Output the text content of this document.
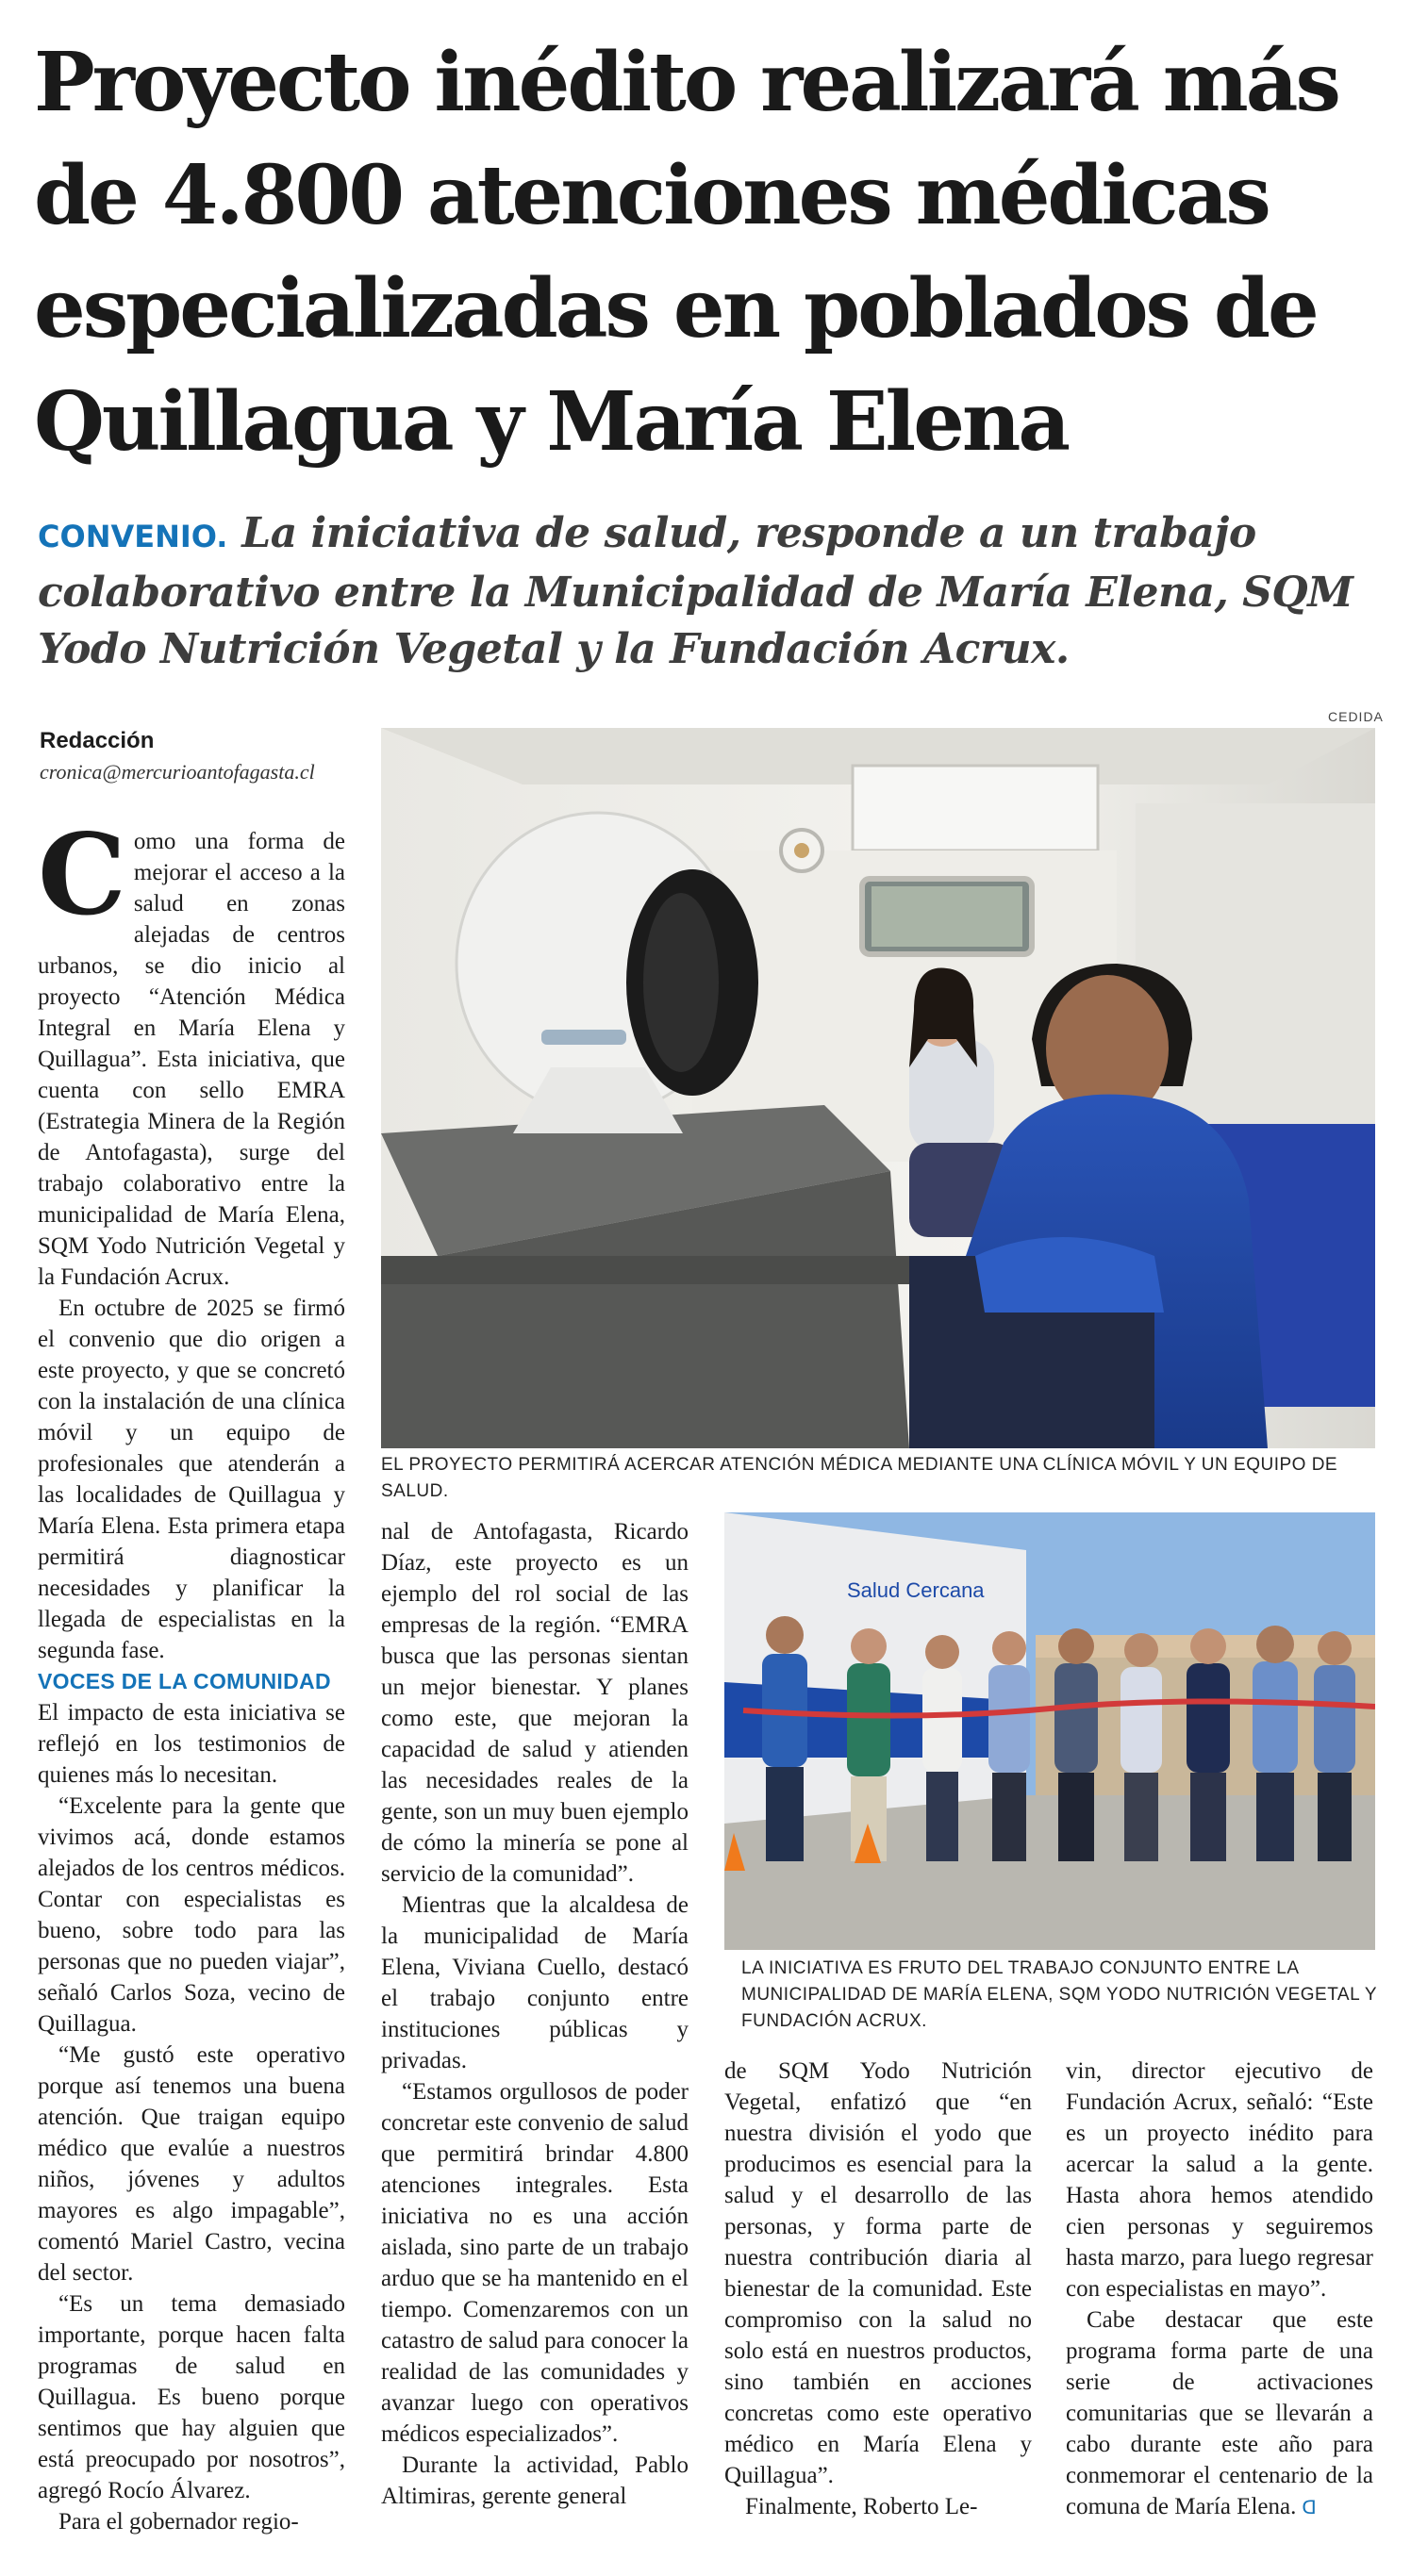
Proyecto inédito realizará más de 4.800 atenciones médicas especializadas en poblados de Quillagua y María Elena
CONVENIO. La iniciativa de salud, responde a un trabajo colaborativo entre la Municipalidad de María Elena, SQM Yodo Nutrición Vegetal y la Fundación Acrux.
Redacción
cronica@mercurioantofagasta.cl
CEDIDA
EL PROYECTO PERMITIRÁ ACERCAR ATENCIÓN MÉDICA MEDIANTE UNA CLÍNICA MÓVIL Y UN EQUIPO DE SALUD.
Salud Cercana
LA INICIATIVA ES FRUTO DEL TRABAJO CONJUNTO ENTRE LA MUNICIPALIDAD DE MARÍA ELENA, SQM YODO NUTRICIÓN VEGETAL Y FUNDACIÓN ACRUX.

Como una forma de mejorar el acceso a la salud en zonas alejadas de centros urbanos, se dio inicio al proyecto “Atención Médica Integral en María Elena y Quillagua”. Esta iniciativa, que cuenta con sello EMRA (Estrategia Minera de la Región de Antofagasta), surge del trabajo colaborativo entre la municipalidad de María Elena, SQM Yodo Nutrición Vegetal y la Fundación Acrux.

En octubre de 2025 se firmó el convenio que dio origen a este proyecto, y que se concretó con la instalación de una clínica móvil y un equipo de profesionales que atenderán a las localidades de Quillagua y María Elena. Esta primera etapa permitirá diagnosticar necesidades y planificar la llegada de especialistas en la segunda fase.

VOCES DE LA COMUNIDAD

El impacto de esta iniciativa se reflejó en los testimonios de quienes más lo necesitan.

“Excelente para la gente que vivimos acá, donde estamos alejados de los centros médicos. Contar con especialistas es bueno, sobre todo para las personas que no pueden viajar”, señaló Carlos Soza, vecino de Quillagua.

“Me gustó este operativo porque así tenemos una buena atención. Que traigan equipo médico que evalúe a nuestros niños, jóvenes y adultos mayores es algo impagable”, comentó Mariel Castro, vecina del sector.

“Es un tema demasiado importante, porque hacen falta programas de salud en Quillagua. Es bueno porque sentimos que hay alguien que está preocupado por nosotros”, agregó Rocío Álvarez.

Para el gobernador regio-

nal de Antofagasta, Ricardo Díaz, este proyecto es un ejemplo del rol social de las empresas de la región. “EMRA busca que las personas sientan un mejor bienestar. Y planes como este, que mejoran la capacidad de salud y atienden las necesidades reales de la gente, son un muy buen ejemplo de cómo la minería se pone al servicio de la comunidad”.

Mientras que la alcaldesa de la municipalidad de María Elena, Viviana Cuello, destacó el trabajo conjunto entre instituciones públicas y privadas.

“Estamos orgullosos de poder concretar este convenio de salud que permitirá brindar 4.800 atenciones integrales. Esta iniciativa no es una acción aislada, sino parte de un trabajo arduo que se ha mantenido en el tiempo. Comenzaremos con un catastro de salud para conocer la realidad de las comunidades y avanzar luego con operativos médicos especializados”.

Durante la actividad, Pablo Altimiras, gerente general

de SQM Yodo Nutrición Vegetal, enfatizó que “en nuestra división el yodo que producimos es esencial para la salud y el desarrollo de las personas, y forma parte de nuestra contribución diaria al bienestar de la comunidad. Este compromiso con la salud no solo está en nuestros productos, sino también en acciones concretas como este operativo médico en María Elena y Quillagua”.

Finalmente, Roberto Le-

vin, director ejecutivo de Fundación Acrux, señaló: “Este es un proyecto inédito para acercar la salud a la gente. Hasta ahora hemos atendido cien personas y seguiremos hasta marzo, para luego regresar con especialistas en mayo”.

Cabe destacar que este programa forma parte de una serie de activaciones comunitarias que se llevarán a cabo durante este año para conmemorar el centenario de la comuna de María Elena. ᗡ
